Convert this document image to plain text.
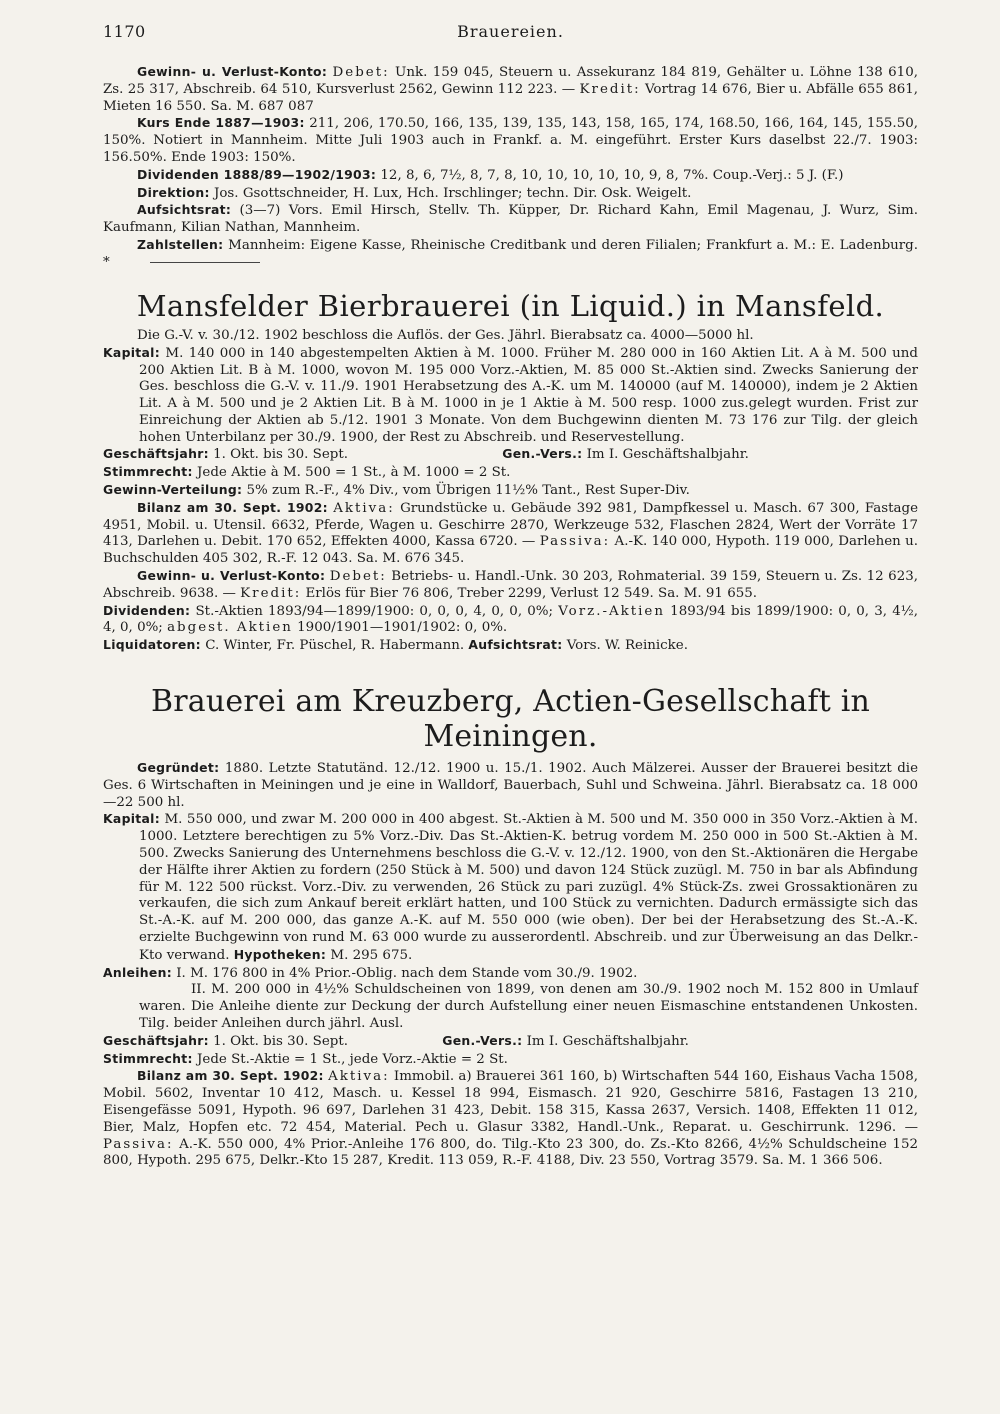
1170	Brauereien.

Gewinn- u. Verlust-Konto: Debet: Unk. 159 045, Steuern u. Assekuranz 184 819, Gehälter u. Löhne 138 610, Zs. 25 317, Abschreib. 64 510, Kursverlust 2562, Gewinn 112 223. — Kredit: Vortrag 14 676, Bier u. Abfälle 655 861, Mieten 16 550. Sa. M. 687 087

Kurs Ende 1887—1903: 211, 206, 170.50, 166, 135, 139, 135, 143, 158, 165, 174, 168.50, 166, 164, 145, 155.50, 150%. Notiert in Mannheim. Mitte Juli 1903 auch in Frankf. a. M. eingeführt. Erster Kurs daselbst 22./7. 1903: 156.50%. Ende 1903: 150%.

Dividenden 1888/89—1902/1903: 12, 8, 6, 7½, 8, 7, 8, 10, 10, 10, 10, 10, 9, 8, 7%. Coup.-Verj.: 5 J. (F.)

Direktion: Jos. Gsottschneider, H. Lux, Hch. Irschlinger; techn. Dir. Osk. Weigelt.

Aufsichtsrat: (3—7) Vors. Emil Hirsch, Stellv. Th. Küpper, Dr. Richard Kahn, Emil Magenau, J. Wurz, Sim. Kaufmann, Kilian Nathan, Mannheim.

Zahlstellen: Mannheim: Eigene Kasse, Rheinische Creditbank und deren Filialen; Frankfurt a. M.: E. Ladenburg. *

Mansfelder Bierbrauerei (in Liquid.) in Mansfeld.

Die G.-V. v. 30./12. 1902 beschloss die Auflös. der Ges. Jährl. Bierabsatz ca. 4000—5000 hl.

Kapital: M. 140 000 in 140 abgestempelten Aktien à M. 1000. Früher M. 280 000 in 160 Aktien Lit. A à M. 500 und 200 Aktien Lit. B à M. 1000, wovon M. 195 000 Vorz.-Aktien, M. 85 000 St.-Aktien sind. Zwecks Sanierung der Ges. beschloss die G.-V. v. 11./9. 1901 Herabsetzung des A.-K. um M. 140000 (auf M. 140000), indem je 2 Aktien Lit. A à M. 500 und je 2 Aktien Lit. B à M. 1000 in je 1 Aktie à M. 500 resp. 1000 zus.gelegt wurden. Frist zur Einreichung der Aktien ab 5./12. 1901 3 Monate. Von dem Buchgewinn dienten M. 73 176 zur Tilg. der gleich hohen Unterbilanz per 30./9. 1900, der Rest zu Abschreib. und Reservestellung.

Geschäftsjahr: 1. Okt. bis 30. Sept.	Gen.-Vers.: Im I. Geschäftshalbjahr.

Stimmrecht: Jede Aktie à M. 500 = 1 St., à M. 1000 = 2 St.

Gewinn-Verteilung: 5% zum R.-F., 4% Div., vom Übrigen 11½% Tant., Rest Super-Div.

Bilanz am 30. Sept. 1902: Aktiva: Grundstücke u. Gebäude 392 981, Dampfkessel u. Masch. 67 300, Fastage 4951, Mobil. u. Utensil. 6632, Pferde, Wagen u. Geschirre 2870, Werkzeuge 532, Flaschen 2824, Wert der Vorräte 17 413, Darlehen u. Debit. 170 652, Effekten 4000, Kassa 6720. — Passiva: A.-K. 140 000, Hypoth. 119 000, Darlehen u. Buchschulden 405 302, R.-F. 12 043. Sa. M. 676 345.

Gewinn- u. Verlust-Konto: Debet: Betriebs- u. Handl.-Unk. 30 203, Rohmaterial. 39 159, Steuern u. Zs. 12 623, Abschreib. 9638. — Kredit: Erlös für Bier 76 806, Treber 2299, Verlust 12 549. Sa. M. 91 655.

Dividenden: St.-Aktien 1893/94—1899/1900: 0, 0, 0, 4, 0, 0, 0%; Vorz.-Aktien 1893/94 bis 1899/1900: 0, 0, 3, 4½, 4, 0, 0%; abgest. Aktien 1900/1901—1901/1902: 0, 0%.

Liquidatoren: C. Winter, Fr. Püschel, R. Habermann. Aufsichtsrat: Vors. W. Reinicke.

Brauerei am Kreuzberg, Actien-Gesellschaft in Meiningen.

Gegründet: 1880. Letzte Statutänd. 12./12. 1900 u. 15./1. 1902. Auch Mälzerei. Ausser der Brauerei besitzt die Ges. 6 Wirtschaften in Meiningen und je eine in Walldorf, Bauerbach, Suhl und Schweina. Jährl. Bierabsatz ca. 18 000—22 500 hl.

Kapital: M. 550 000, und zwar M. 200 000 in 400 abgest. St.-Aktien à M. 500 und M. 350 000 in 350 Vorz.-Aktien à M. 1000. Letztere berechtigen zu 5% Vorz.-Div. Das St.-Aktien-K. betrug vordem M. 250 000 in 500 St.-Aktien à M. 500. Zwecks Sanierung des Unternehmens beschloss die G.-V. v. 12./12. 1900, von den St.-Aktionären die Hergabe der Hälfte ihrer Aktien zu fordern (250 Stück à M. 500) und davon 124 Stück zuzügl. M. 750 in bar als Abfindung für M. 122 500 rückst. Vorz.-Div. zu verwenden, 26 Stück zu pari zuzügl. 4% Stück-Zs. zwei Grossaktionären zu verkaufen, die sich zum Ankauf bereit erklärt hatten, und 100 Stück zu vernichten. Dadurch ermässigte sich das St.-A.-K. auf M. 200 000, das ganze A.-K. auf M. 550 000 (wie oben). Der bei der Herabsetzung des St.-A.-K. erzielte Buchgewinn von rund M. 63 000 wurde zu ausserordentl. Abschreib. und zur Überweisung an das Delkr.-Kto verwand. Hypotheken: M. 295 675.

Anleihen: I. M. 176 800 in 4% Prior.-Oblig. nach dem Stande vom 30./9. 1902.

II. M. 200 000 in 4½% Schuldscheinen von 1899, von denen am 30./9. 1902 noch M. 152 800 in Umlauf waren. Die Anleihe diente zur Deckung der durch Aufstellung einer neuen Eismaschine entstandenen Unkosten. Tilg. beider Anleihen durch jährl. Ausl.

Geschäftsjahr: 1. Okt. bis 30. Sept.	Gen.-Vers.: Im I. Geschäftshalbjahr.

Stimmrecht: Jede St.-Aktie = 1 St., jede Vorz.-Aktie = 2 St.

Bilanz am 30. Sept. 1902: Aktiva: Immobil. a) Brauerei 361 160, b) Wirtschaften 544 160, Eishaus Vacha 1508, Mobil. 5602, Inventar 10 412, Masch. u. Kessel 18 994, Eismasch. 21 920, Geschirre 5816, Fastagen 13 210, Eisengefässe 5091, Hypoth. 96 697, Darlehen 31 423, Debit. 158 315, Kassa 2637, Versich. 1408, Effekten 11 012, Bier, Malz, Hopfen etc. 72 454, Material. Pech u. Glasur 3382, Handl.-Unk., Reparat. u. Geschirrunk. 1296. — Passiva: A.-K. 550 000, 4% Prior.-Anleihe 176 800, do. Tilg.-Kto 23 300, do. Zs.-Kto 8266, 4½% Schuldscheine 152 800, Hypoth. 295 675, Delkr.-Kto 15 287, Kredit. 113 059, R.-F. 4188, Div. 23 550, Vortrag 3579. Sa. M. 1 366 506.
